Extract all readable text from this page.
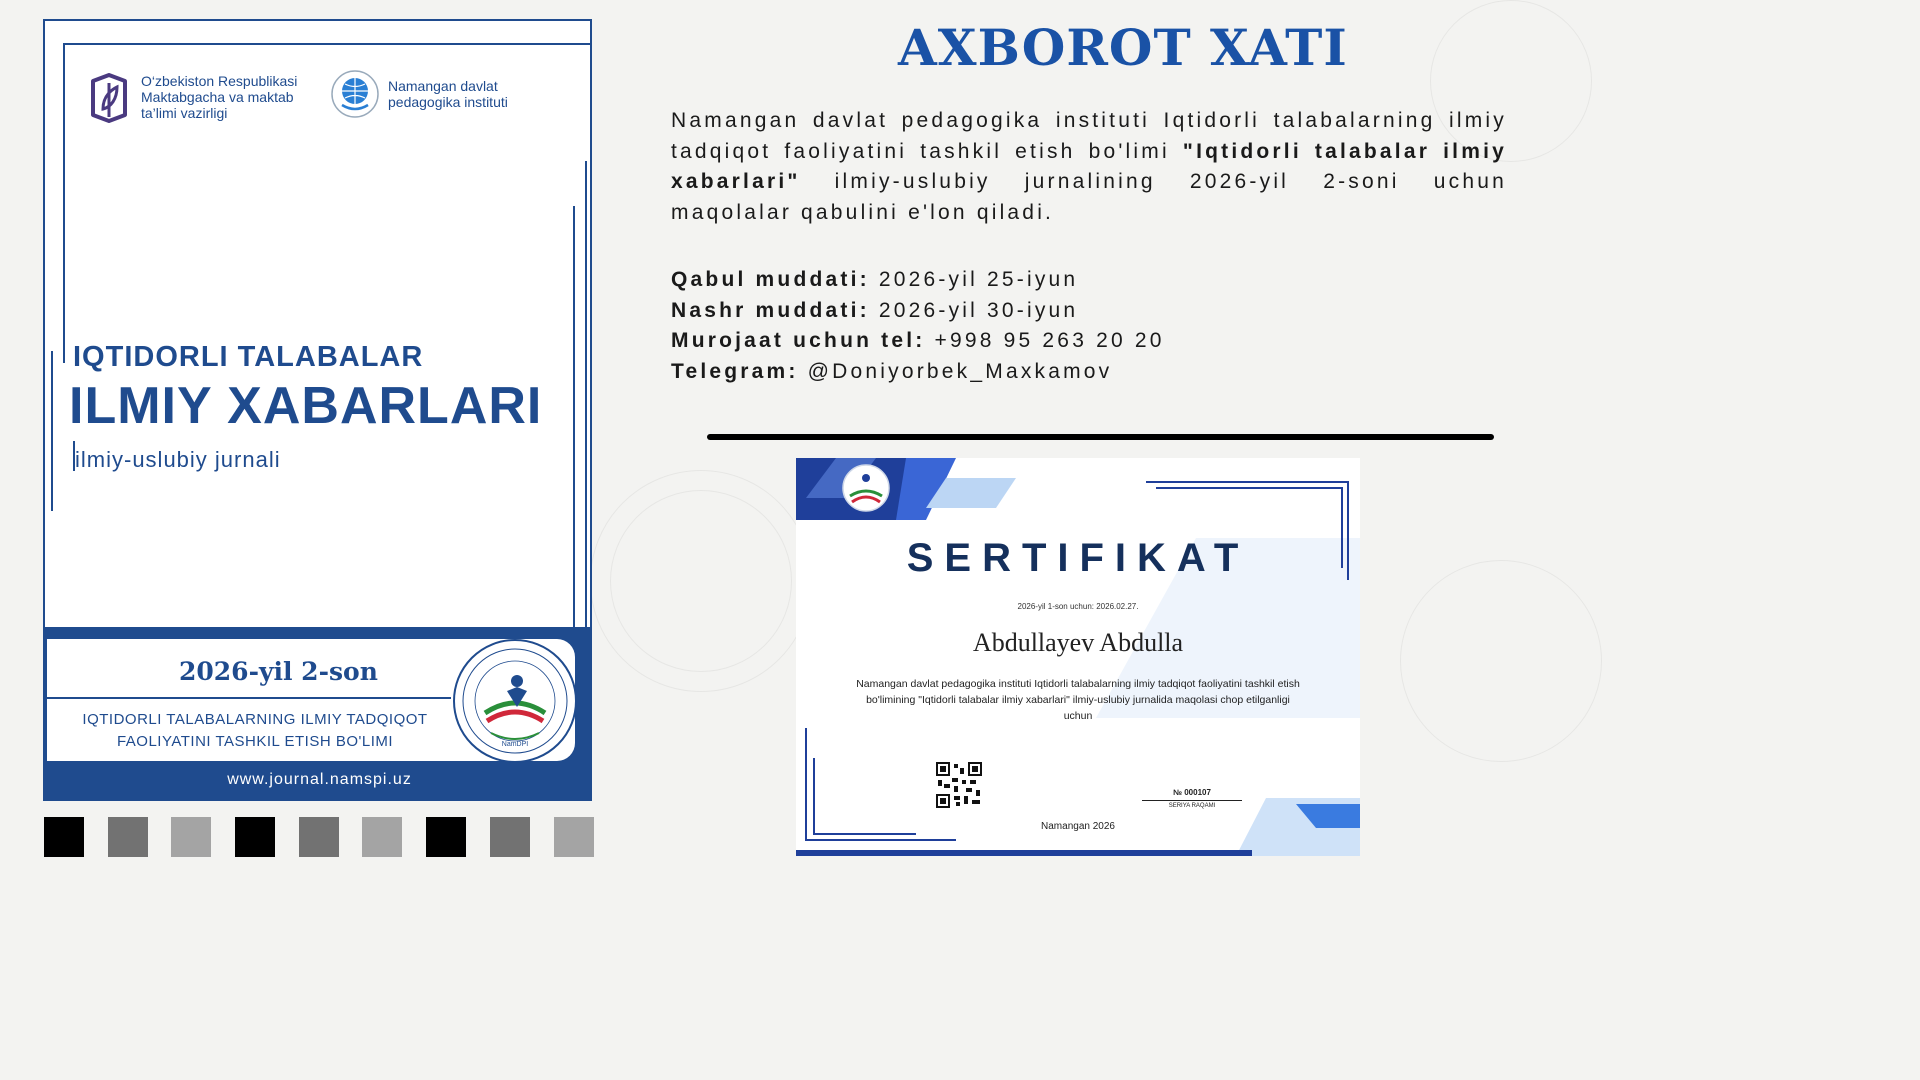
O‘zbekiston Respublikasi
Maktabgacha va maktab
ta’limi vazirligi
Namangan davlat
pedagogika instituti
IQTIDORLI TALABALAR
ILMIY XABARLARI
ilmiy-uslubiy jurnali
2026-yil 2-son
IQTIDORLI TALABALARNING ILMIY TADQIQOT FAOLIYATINI TASHKIL ETISH BO'LIMI	NamDPI
www.journal.namspi.uz
AXBOROT XATI

Namangan davlat pedagogika instituti Iqtidorli talabalarning ilmiy tadqiqot faoliyatini tashkil etish bo'limi "Iqtidorli talabalar ilmiy xabarlari" ilmiy-uslubiy jurnalining 2026-yil 2-soni uchun maqolalar qabulini e'lon qiladi.

Qabul muddati: 2026-yil 25-iyun
Nashr muddati: 2026-yil 30-iyun
Murojaat uchun tel: +998 95 263 20 20
Telegram: @Doniyorbek_Maxkamov
SERTIFIKAT
2026-yil 1-son uchun: 2026.02.27.
Abdullayev Abdulla
Namangan davlat pedagogika instituti Iqtidorli talabalarning ilmiy tadqiqot faoliyatini tashkil etish bo'limining "Iqtidorli talabalar ilmiy xabarlari" ilmiy-uslubiy jurnalida maqolasi chop etilganligi uchun
№ 000107
SERIYA RAQAMI
Namangan 2026
